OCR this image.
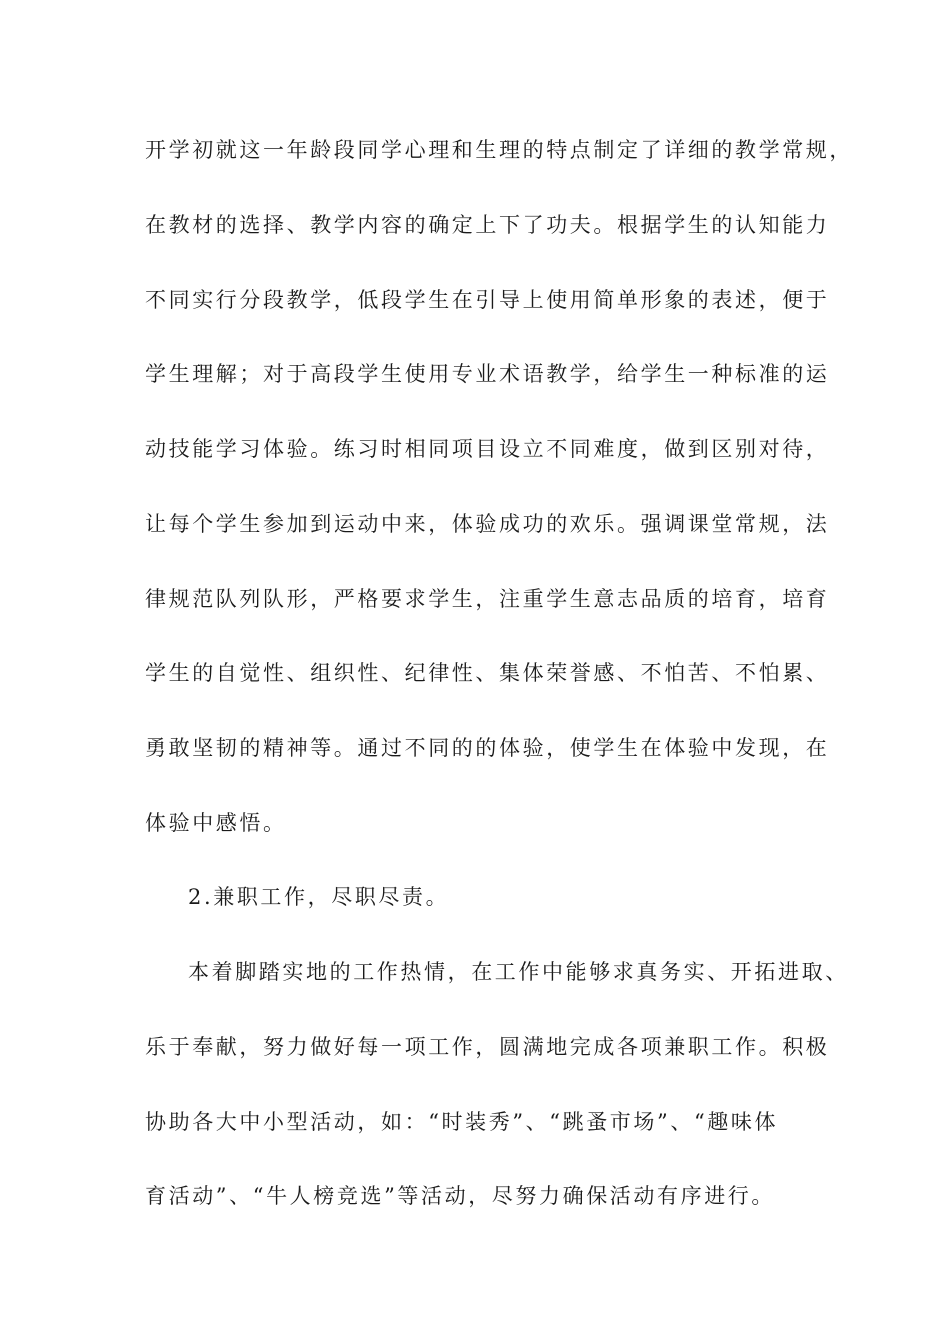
开学初就这一年龄段同学心理和生理的特点制定了详细的教学常规，
在教材的选择、教学内容的确定上下了功夫。根据学生的认知能力
不同实行分段教学，低段学生在引导上使用简单形象的表述，便于
学生理解；对于高段学生使用专业术语教学，给学生一种标准的运
动技能学习体验。练习时相同项目设立不同难度，做到区别对待，
让每个学生参加到运动中来，体验成功的欢乐。强调课堂常规，法
律规范队列队形，严格要求学生，注重学生意志品质的培育，培育
学生的自觉性、组织性、纪律性、集体荣誉感、不怕苦、不怕累、
勇敢坚韧的精神等。通过不同的的体验，使学生在体验中发现，在
体验中感悟。
2.兼职工作，尽职尽责。
本着脚踏实地的工作热情，在工作中能够求真务实、开拓进取、
乐于奉献，努力做好每一项工作，圆满地完成各项兼职工作。积极
协助各大中小型活动，如：“时装秀”、“跳蚤市场”、“趣味体
育活动”、“牛人榜竞选”等活动，尽努力确保活动有序进行。
